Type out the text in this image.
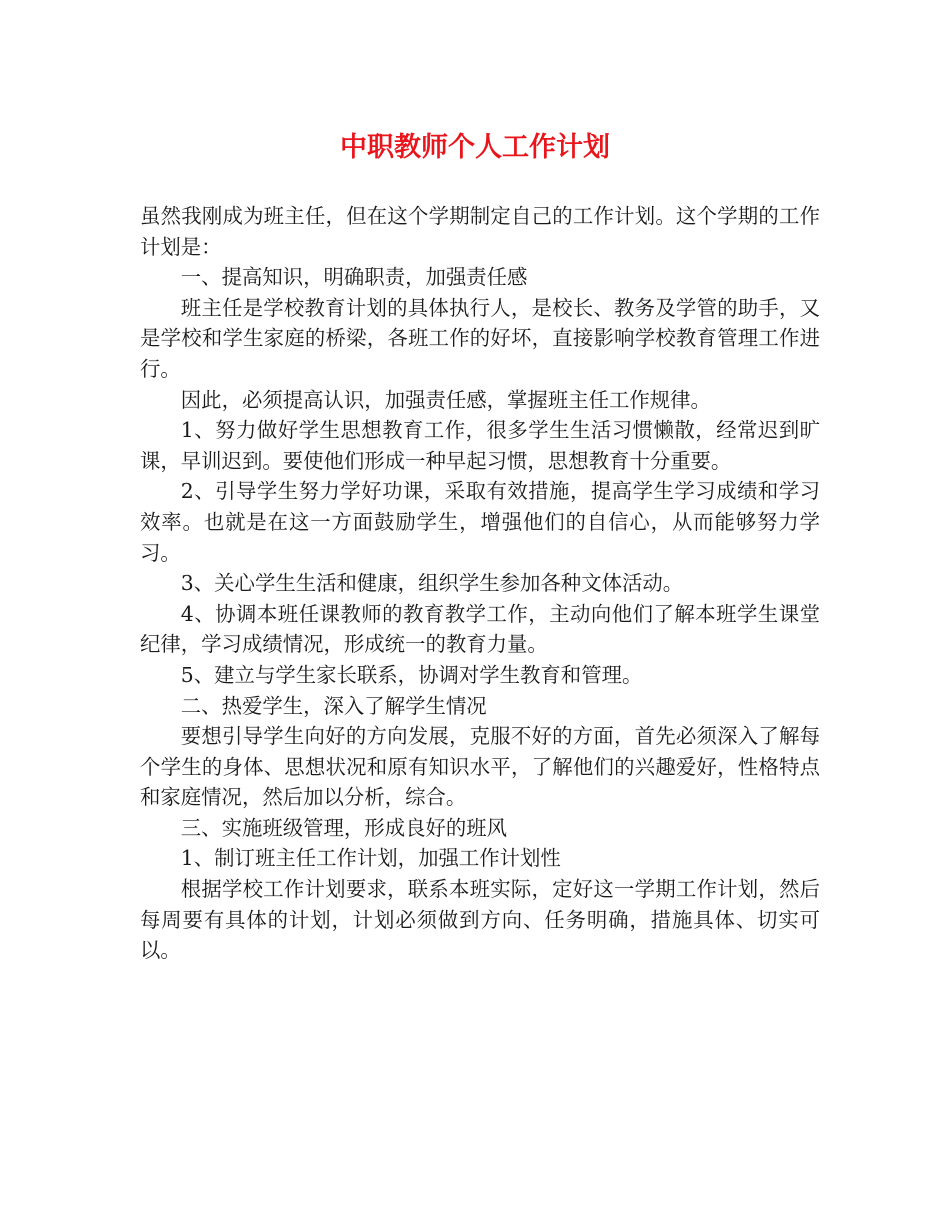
中职教师个人工作计划

虽然我刚成为班主任，但在这个学期制定自己的工作计划。这个学期的工作计划是：

一、提高知识，明确职责，加强责任感

班主任是学校教育计划的具体执行人，是校长、教务及学管的助手，又是学校和学生家庭的桥梁，各班工作的好坏，直接影响学校教育管理工作进行。

因此，必须提高认识，加强责任感，掌握班主任工作规律。

1、努力做好学生思想教育工作，很多学生生活习惯懒散，经常迟到旷课，早训迟到。要使他们形成一种早起习惯，思想教育十分重要。

2、引导学生努力学好功课，采取有效措施，提高学生学习成绩和学习效率。也就是在这一方面鼓励学生，增强他们的自信心，从而能够努力学习。

3、关心学生生活和健康，组织学生参加各种文体活动。

4、协调本班任课教师的教育教学工作，主动向他们了解本班学生课堂纪律，学习成绩情况，形成统一的教育力量。

5、建立与学生家长联系，协调对学生教育和管理。

二、热爱学生，深入了解学生情况

要想引导学生向好的方向发展，克服不好的方面，首先必须深入了解每个学生的身体、思想状况和原有知识水平，了解他们的兴趣爱好，性格特点和家庭情况，然后加以分析，综合。

三、实施班级管理，形成良好的班风

1、制订班主任工作计划，加强工作计划性

根据学校工作计划要求，联系本班实际，定好这一学期工作计划，然后每周要有具体的计划，计划必须做到方向、任务明确，措施具体、切实可以。
